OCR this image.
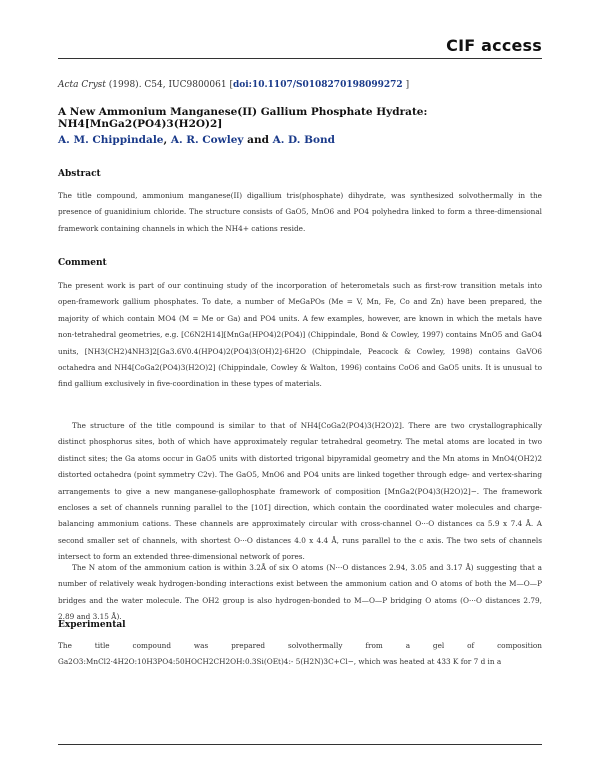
CIF access
Acta Cryst (1998). C54, IUC9800061 [doi:10.1107/S0108270198099272 ]
A New Ammonium Manganese(II) Gallium Phosphate Hydrate: NH4[MnGa2(PO4)3(H2O)2]
A. M. Chippindale, A. R. Cowley and A. D. Bond
Abstract

The title compound, ammonium manganese(II) digallium tris(phosphate) dihydrate, was synthesized solvothermally in the presence of guanidinium chloride. The structure consists of GaO5, MnO6 and PO4 polyhedra linked to form a three-dimensional framework containing channels in which the NH4+ cations reside.

Comment

The present work is part of our continuing study of the incorporation of heterometals such as first-row transition metals into open-framework gallium phosphates. To date, a number of MeGaPOs (Me = V, Mn, Fe, Co and Zn) have been prepared, the majority of which contain MO4 (M = Me or Ga) and PO4 units. A few examples, however, are known in which the metals have non-tetrahedral geometries, e.g. [C6N2H14][MnGa(HPO4)2(PO4)] (Chippindale, Bond & Cowley, 1997) contains MnO5 and GaO4 units, [NH3(CH2)4NH3]2[Ga3.6V0.4(HPO4)2(PO4)3(OH)2]·6H2O (Chippindale, Peacock & Cowley, 1998) contains GaVO6 octahedra and NH4[CoGa2(PO4)3(H2O)2] (Chippindale, Cowley & Walton, 1996) contains CoO6 and GaO5 units. It is unusual to find gallium exclusively in five-coordination in these types of materials.

The structure of the title compound is similar to that of NH4[CoGa2(PO4)3(H2O)2]. There are two crystallographically distinct phosphorus sites, both of which have approximately regular tetrahedral geometry. The metal atoms are located in two distinct sites; the Ga atoms occur in GaO5 units with distorted trigonal bipyramidal geometry and the Mn atoms in MnO4(OH2)2 distorted octahedra (point symmetry C2v). The GaO5, MnO6 and PO4 units are linked together through edge- and vertex-sharing arrangements to give a new manganese-gallophosphate framework of composition [MnGa2(PO4)3(H2O)2]−. The framework encloses a set of channels running parallel to the [101̄] direction, which contain the coordinated water molecules and charge-balancing ammonium cations. These channels are approximately circular with cross-channel O···O distances ca 5.9 x 7.4 Å. A second smaller set of channels, with shortest O···O distances 4.0 x 4.4 Å, runs parallel to the c axis. The two sets of channels intersect to form an extended three-dimensional network of pores.

The N atom of the ammonium cation is within 3.2Å of six O atoms (N···O distances 2.94, 3.05 and 3.17 Å) suggesting that a number of relatively weak hydrogen-bonding interactions exist between the ammonium cation and O atoms of both the M—O—P bridges and the water molecule. The OH2 group is also hydrogen-bonded to M—O—P bridging O atoms (O···O distances 2.79, 2.89 and 3.15 Å).

Experimental

The title compound was prepared solvothermally from a gel of composition Ga2O3:MnCl2·4H2O:10H3PO4:50HOCH2CH2OH:0.3Si(OEt)4:- 5(H2N)3C+Cl−, which was heated at 433 K for 7 d in a
